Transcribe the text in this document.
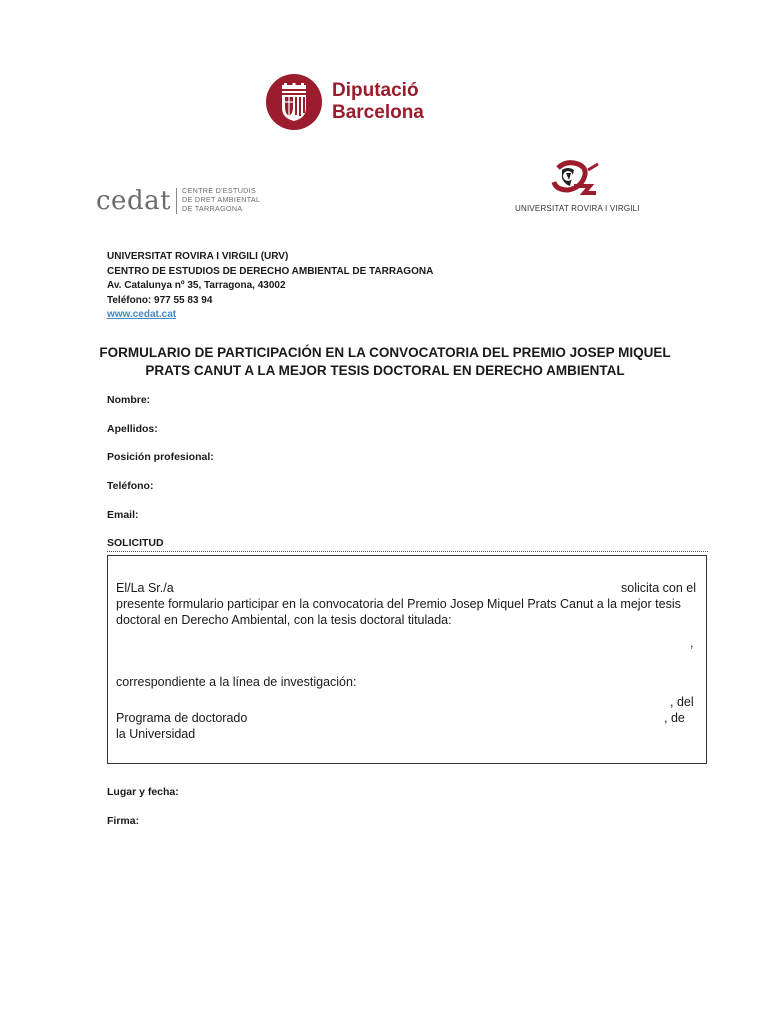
Diputació
Barcelona
cedat CENTRE D'ESTUDIS
DE DRET AMBIENTAL
DE TARRAGONA	UNIVERSITAT ROVIRA I VIRGILI
UNIVERSITAT ROVIRA I VIRGILI (URV)
CENTRO DE ESTUDIOS DE DERECHO AMBIENTAL DE TARRAGONA
Av. Catalunya nº 35, Tarragona, 43002
Teléfono: 977 55 83 94
www.cedat.cat
FORMULARIO DE PARTICIPACIÓN EN LA CONVOCATORIA DEL PREMIO JOSEP MIQUEL
PRATS CANUT A LA MEJOR TESIS DOCTORAL EN DERECHO AMBIENTAL
Nombre:
Apellidos:
Posición profesional:
Teléfono:
Email:
SOLICITUD
El/La Sr./a	solicita con el
presente formulario participar en la convocatoria del Premio Josep Miquel Prats Canut a la mejor tesis
doctoral en Derecho Ambiental, con la tesis doctoral titulada:
,
correspondiente a la línea de investigación:
, del
Programa de doctorado	, de
la Universidad
Lugar y fecha:
Firma:
